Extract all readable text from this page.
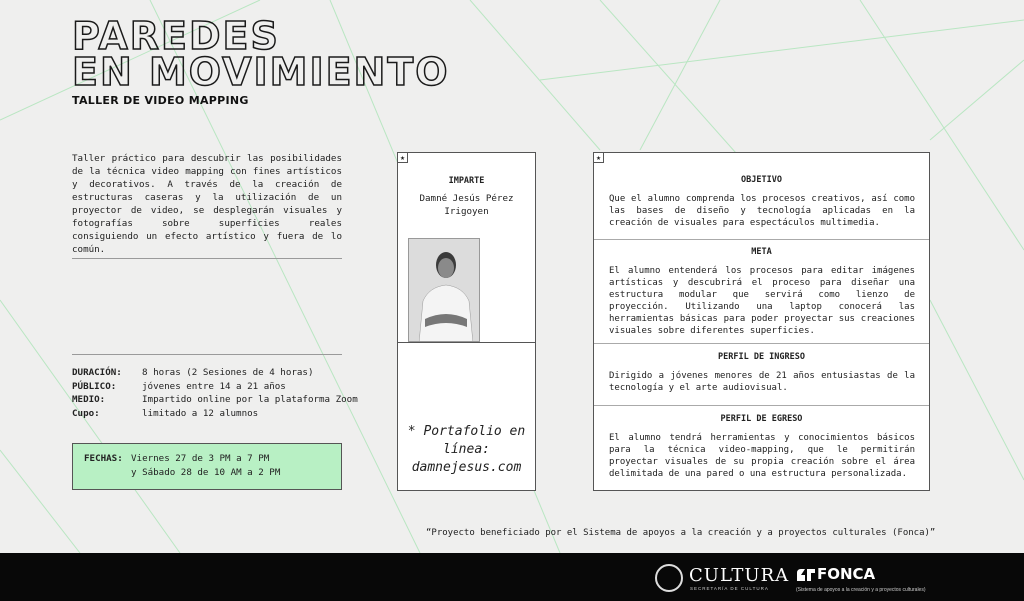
PAREDES
EN MOVIMIENTO
TALLER DE VIDEO MAPPING

Taller práctico para descubrir las posibilidades de la técnica video mapping con fines artísticos y decorativos. A través de la creación de estructuras caseras y la utilización de un proyector de video, se desplegarán visuales y fotografías sobre superficies reales consiguiendo un efecto artístico y fuera de lo común.

DURACIÓN:	8 horas (2 Sesiones de 4 horas)
PÚBLICO:	jóvenes entre 14 a 21 años
MEDIO:	Impartido online por la plataforma Zoom
Cupo:	limitado a 12 alumnos
FECHAS: Viernes 27 de 3 PM a 7 PM
y Sábado 28 de 10 AM a 2 PM
★
IMPARTE
Damné Jesús Pérez Irigoyen
* Portafolio en línea: damnejesus.com
★
OBJETIVO
Que el alumno comprenda los procesos creativos, así como las bases de diseño y tecnología aplicadas en la creación de visuales para espectáculos multimedia.
META
El alumno entenderá los procesos para editar imágenes artísticas y descubrirá el proceso para diseñar una estructura modular que servirá como lienzo de proyección. Utilizando una laptop conocerá las herramientas básicas para poder proyectar sus creaciones visuales sobre diferentes superficies.
PERFIL DE INGRESO
Dirigido a jóvenes menores de 21 años entusiastas de la tecnología y el arte audiovisual.
PERFIL DE EGRESO
El alumno tendrá herramientas y conocimientos básicos para la técnica video-mapping, que le permitirán proyectar visuales de su propia creación sobre el área delimitada de una pared o una estructura personalizada.
“Proyecto beneficiado por el Sistema de apoyos a la creación y a proyectos culturales (Fonca)”
CULTURA
SECRETARÍA DE CULTURA
FONCA
(Sistema de apoyos a la creación y a proyectos culturales)
